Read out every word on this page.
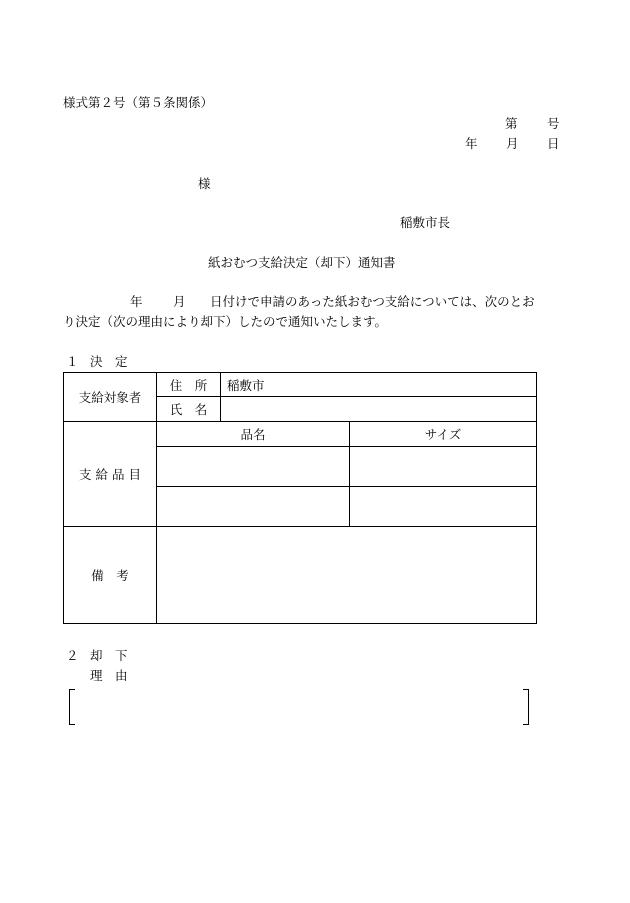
様式第２号（第５条関係）
第 号
年 月 日
様
稲敷市長
紙おむつ支給決定（却下）通知書
年 月 日付けで申請のあった紙おむつ支給については、次のとお
り決定（次の理由により却下）したので通知いたします。
１ 決　定
支給対象者	住　所	稲敷市	
	氏　名		
支 給 品 目	品名		サイズ

備　考			
２ 却　下
理　由
